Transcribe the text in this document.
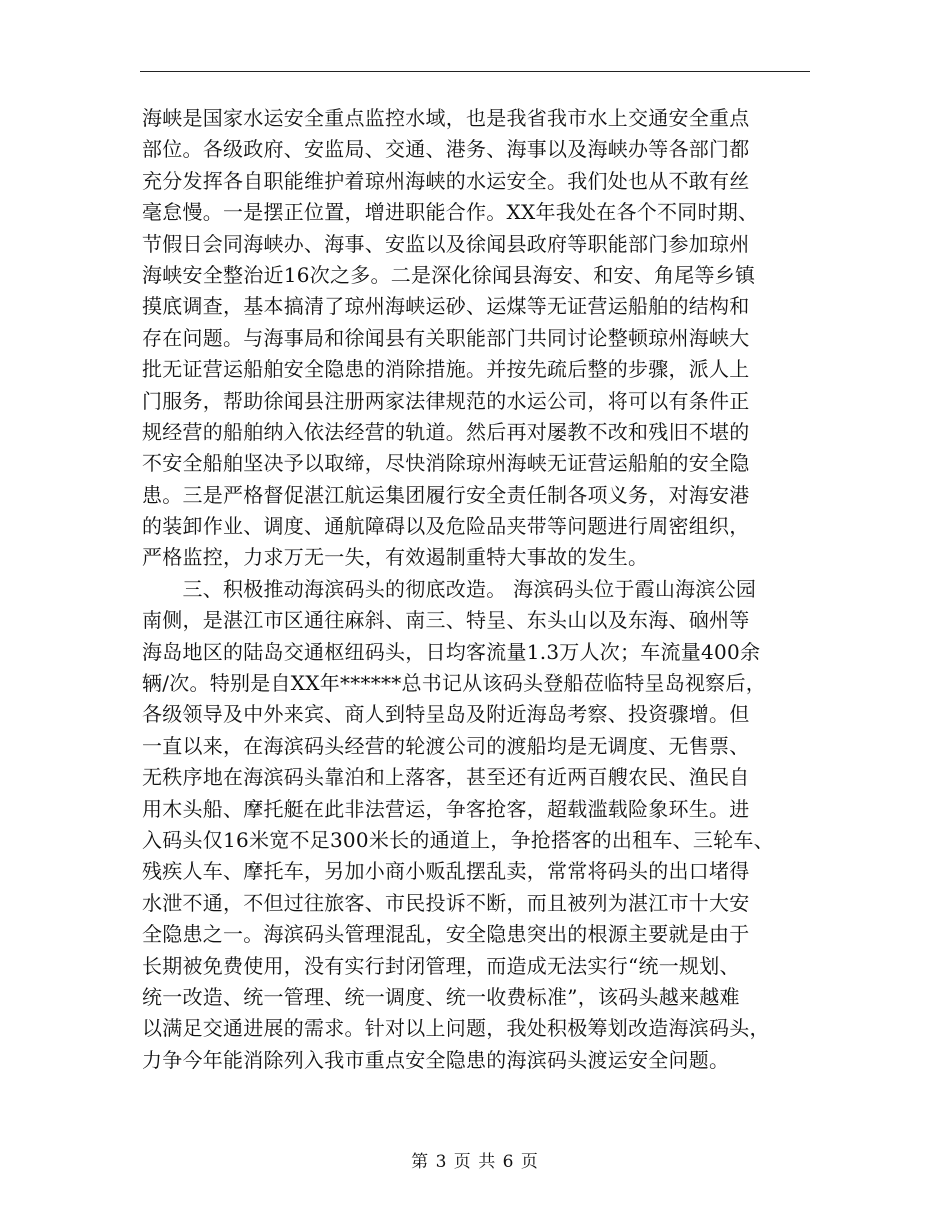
海峡是国家水运安全重点监控水域，也是我省我市水上交通安全重点
部位。各级政府、安监局、交通、港务、海事以及海峡办等各部门都
充分发挥各自职能维护着琼州海峡的水运安全。我们处也从不敢有丝
毫怠慢。一是摆正位置，增进职能合作。XX年我处在各个不同时期、
节假日会同海峡办、海事、安监以及徐闻县政府等职能部门参加琼州
海峡安全整治近16次之多。二是深化徐闻县海安、和安、角尾等乡镇
摸底调查，基本搞清了琼州海峡运砂、运煤等无证营运船舶的结构和
存在问题。与海事局和徐闻县有关职能部门共同讨论整顿琼州海峡大
批无证营运船舶安全隐患的消除措施。并按先疏后整的步骤，派人上
门服务，帮助徐闻县注册两家法律规范的水运公司，将可以有条件正
规经营的船舶纳入依法经营的轨道。然后再对屡教不改和残旧不堪的
不安全船舶坚决予以取缔，尽快消除琼州海峡无证营运船舶的安全隐
患。三是严格督促湛江航运集团履行安全责任制各项义务，对海安港
的装卸作业、调度、通航障碍以及危险品夹带等问题进行周密组织，
严格监控，力求万无一失，有效遏制重特大事故的发生。
　　三、积极推动海滨码头的彻底改造。 海滨码头位于霞山海滨公园
南侧，是湛江市区通往麻斜、南三、特呈、东头山以及东海、硇州等
海岛地区的陆岛交通枢纽码头，日均客流量1.3万人次；车流量400余
辆/次。特别是自XX年******总书记从该码头登船莅临特呈岛视察后，
各级领导及中外来宾、商人到特呈岛及附近海岛考察、投资骤增。但
一直以来，在海滨码头经营的轮渡公司的渡船均是无调度、无售票、
无秩序地在海滨码头靠泊和上落客，甚至还有近两百艘农民、渔民自
用木头船、摩托艇在此非法营运，争客抢客，超载滥载险象环生。进
入码头仅16米宽不足300米长的通道上，争抢搭客的出租车、三轮车、
残疾人车、摩托车，另加小商小贩乱摆乱卖，常常将码头的出口堵得
水泄不通，不但过往旅客、市民投诉不断，而且被列为湛江市十大安
全隐患之一。海滨码头管理混乱，安全隐患突出的根源主要就是由于
长期被免费使用，没有实行封闭管理，而造成无法实行“统一规划、
统一改造、统一管理、统一调度、统一收费标准”，该码头越来越难
以满足交通进展的需求。针对以上问题，我处积极筹划改造海滨码头，
力争今年能消除列入我市重点安全隐患的海滨码头渡运安全问题。
第 3 页 共 6 页
